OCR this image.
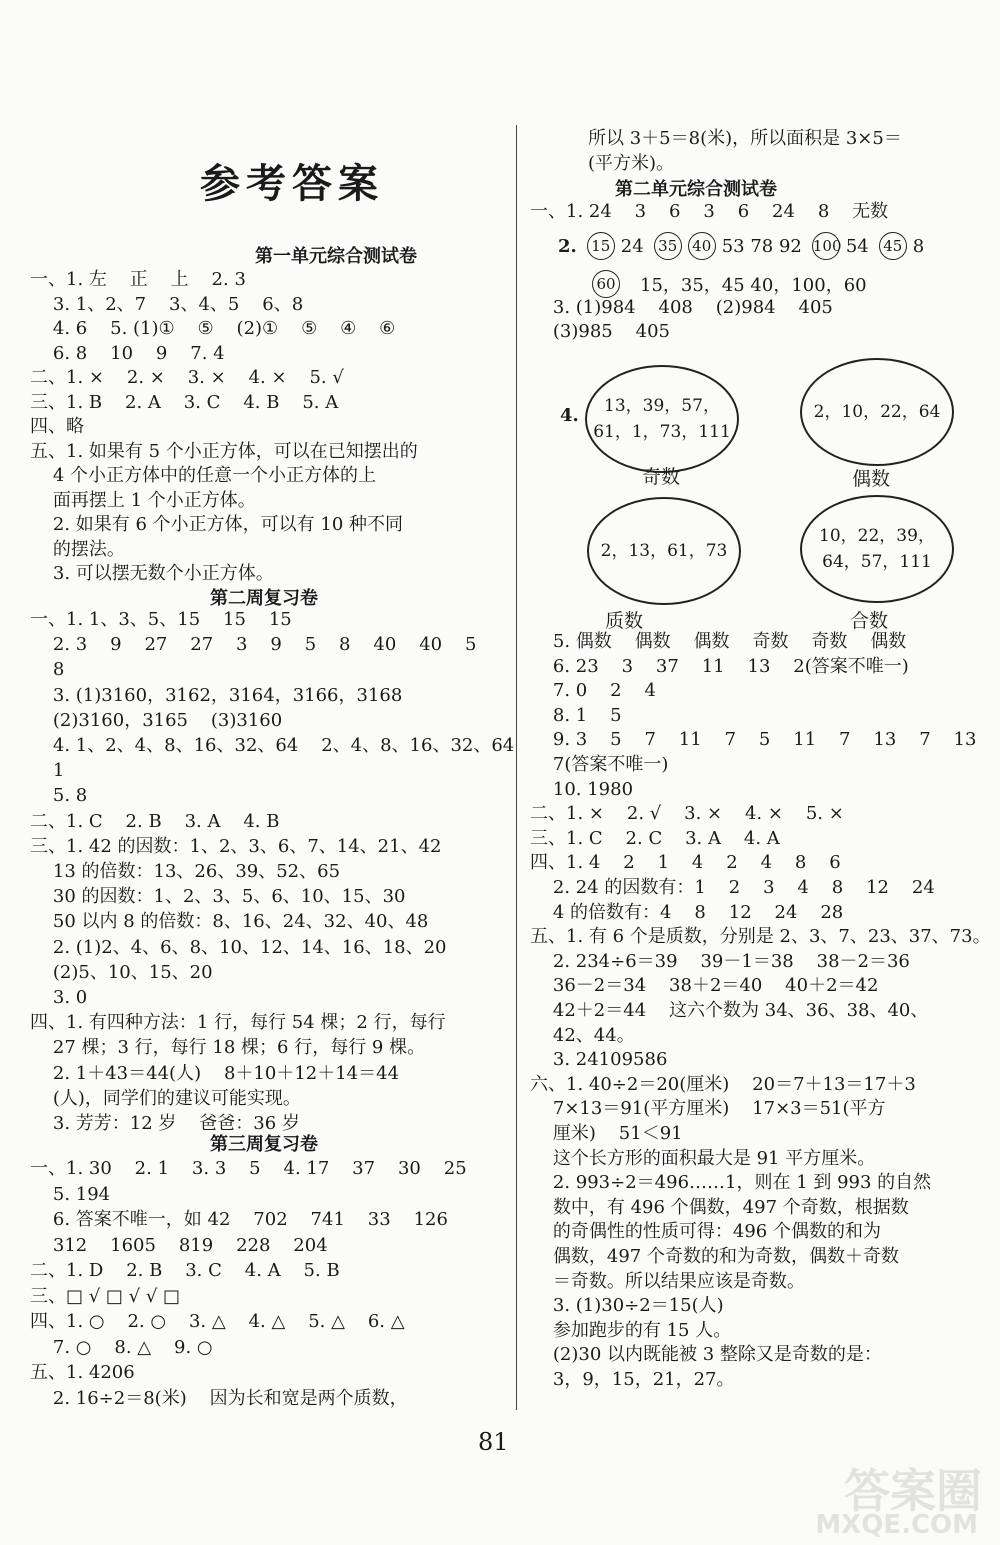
参考答案
第一单元综合测试卷
一、1. 左    正    上    2. 3
3. 1、2、7    3、4、5    6、8
4. 6    5. (1)①    ⑤    (2)①    ⑤    ④    ⑥
6. 8    10    9    7. 4
二、1. ×    2. ×    3. ×    4. ×    5. √
三、1. B    2. A    3. C    4. B    5. A
四、略
五、1. 如果有 5 个小正方体，可以在已知摆出的
4 个小正方体中的任意一个小正方体的上
面再摆上 1 个小正方体。
2. 如果有 6 个小正方体，可以有 10 种不同
的摆法。
3. 可以摆无数个小正方体。
第二周复习卷
一、1. 1、3、5、15    15    15
2. 3    9    27    27    3    9    5    8    40    40    5
8
3. (1)3160，3162，3164，3166，3168
(2)3160，3165    (3)3160
4. 1、2、4、8、16、32、64    2、4、8、16、32、64
1
5. 8
二、1. C    2. B    3. A    4. B
三、1. 42 的因数：1、2、3、6、7、14、21、42
13 的倍数：13、26、39、52、65
30 的因数：1、2、3、5、6、10、15、30
50 以内 8 的倍数：8、16、24、32、40、48
2. (1)2、4、6、8、10、12、14、16、18、20
(2)5、10、15、20
3. 0
四、1. 有四种方法：1 行，每行 54 棵；2 行，每行
27 棵；3 行，每行 18 棵；6 行，每行 9 棵。
2. 1＋43＝44(人)    8＋10＋12＋14＝44
(人)，同学们的建议可能实现。
3. 芳芳：12 岁    爸爸：36 岁
第三周复习卷
一、1. 30    2. 1    3. 3    5    4. 17    37    30    25
5. 194
6. 答案不唯一，如 42    702    741    33    126
312    1605    819    228    204
二、1. D    2. B    3. C    4. A    5. B
三、□ √ □ √ √ □
四、1. ○    2. ○    3. △    4. △    5. △    6. △
7. ○    8. △    9. ○
五、1. 4206
2. 16÷2＝8(米)    因为长和宽是两个质数，
所以 3＋5＝8(米)，所以面积是 3×5＝
(平方米)。
第二单元综合测试卷
一、1. 24    3    6    3    6    24    8    无数
2. 15 24 35 40 53 78 92 100 54 45 8
60 15，35，45 40，100，60
3. (1)984    408    (2)984    405
(3)985    405
4.	13，39，57，
61，1，73，111
奇数
2，10，22，64
偶数
2，13，61，73
质数
10，22，39，
64，57，111
合数
5. 偶数    偶数    偶数    奇数    奇数    偶数
6. 23    3    37    11    13    2(答案不唯一)
7. 0    2    4
8. 1    5
9. 3    5    7    11    7    5    11    7    13    7    13
7(答案不唯一)
10. 1980
二、1. ×    2. √    3. ×    4. ×    5. ×
三、1. C    2. C    3. A    4. A
四、1. 4    2    1    4    2    4    8    6
2. 24 的因数有：1    2    3    4    8    12    24
4 的倍数有：4    8    12    24    28
五、1. 有 6 个是质数，分别是 2、3、7、23、37、73。
2. 234÷6＝39    39－1＝38    38－2＝36
36－2＝34    38＋2＝40    40＋2＝42
42＋2＝44    这六个数为 34、36、38、40、
42、44。
3. 24109586
六、1. 40÷2＝20(厘米)    20＝7＋13＝17＋3
7×13＝91(平方厘米)    17×3＝51(平方
厘米)    51＜91
这个长方形的面积最大是 91 平方厘米。
2. 993÷2＝496……1，则在 1 到 993 的自然
数中，有 496 个偶数，497 个奇数，根据数
的奇偶性的性质可得：496 个偶数的和为
偶数，497 个奇数的和为奇数，偶数＋奇数
＝奇数。所以结果应该是奇数。
3. (1)30÷2＝15(人)
参加跑步的有 15 人。
(2)30 以内既能被 3 整除又是奇数的是：
3，9，15，21，27。
81
答案圈
MXQE.COM
